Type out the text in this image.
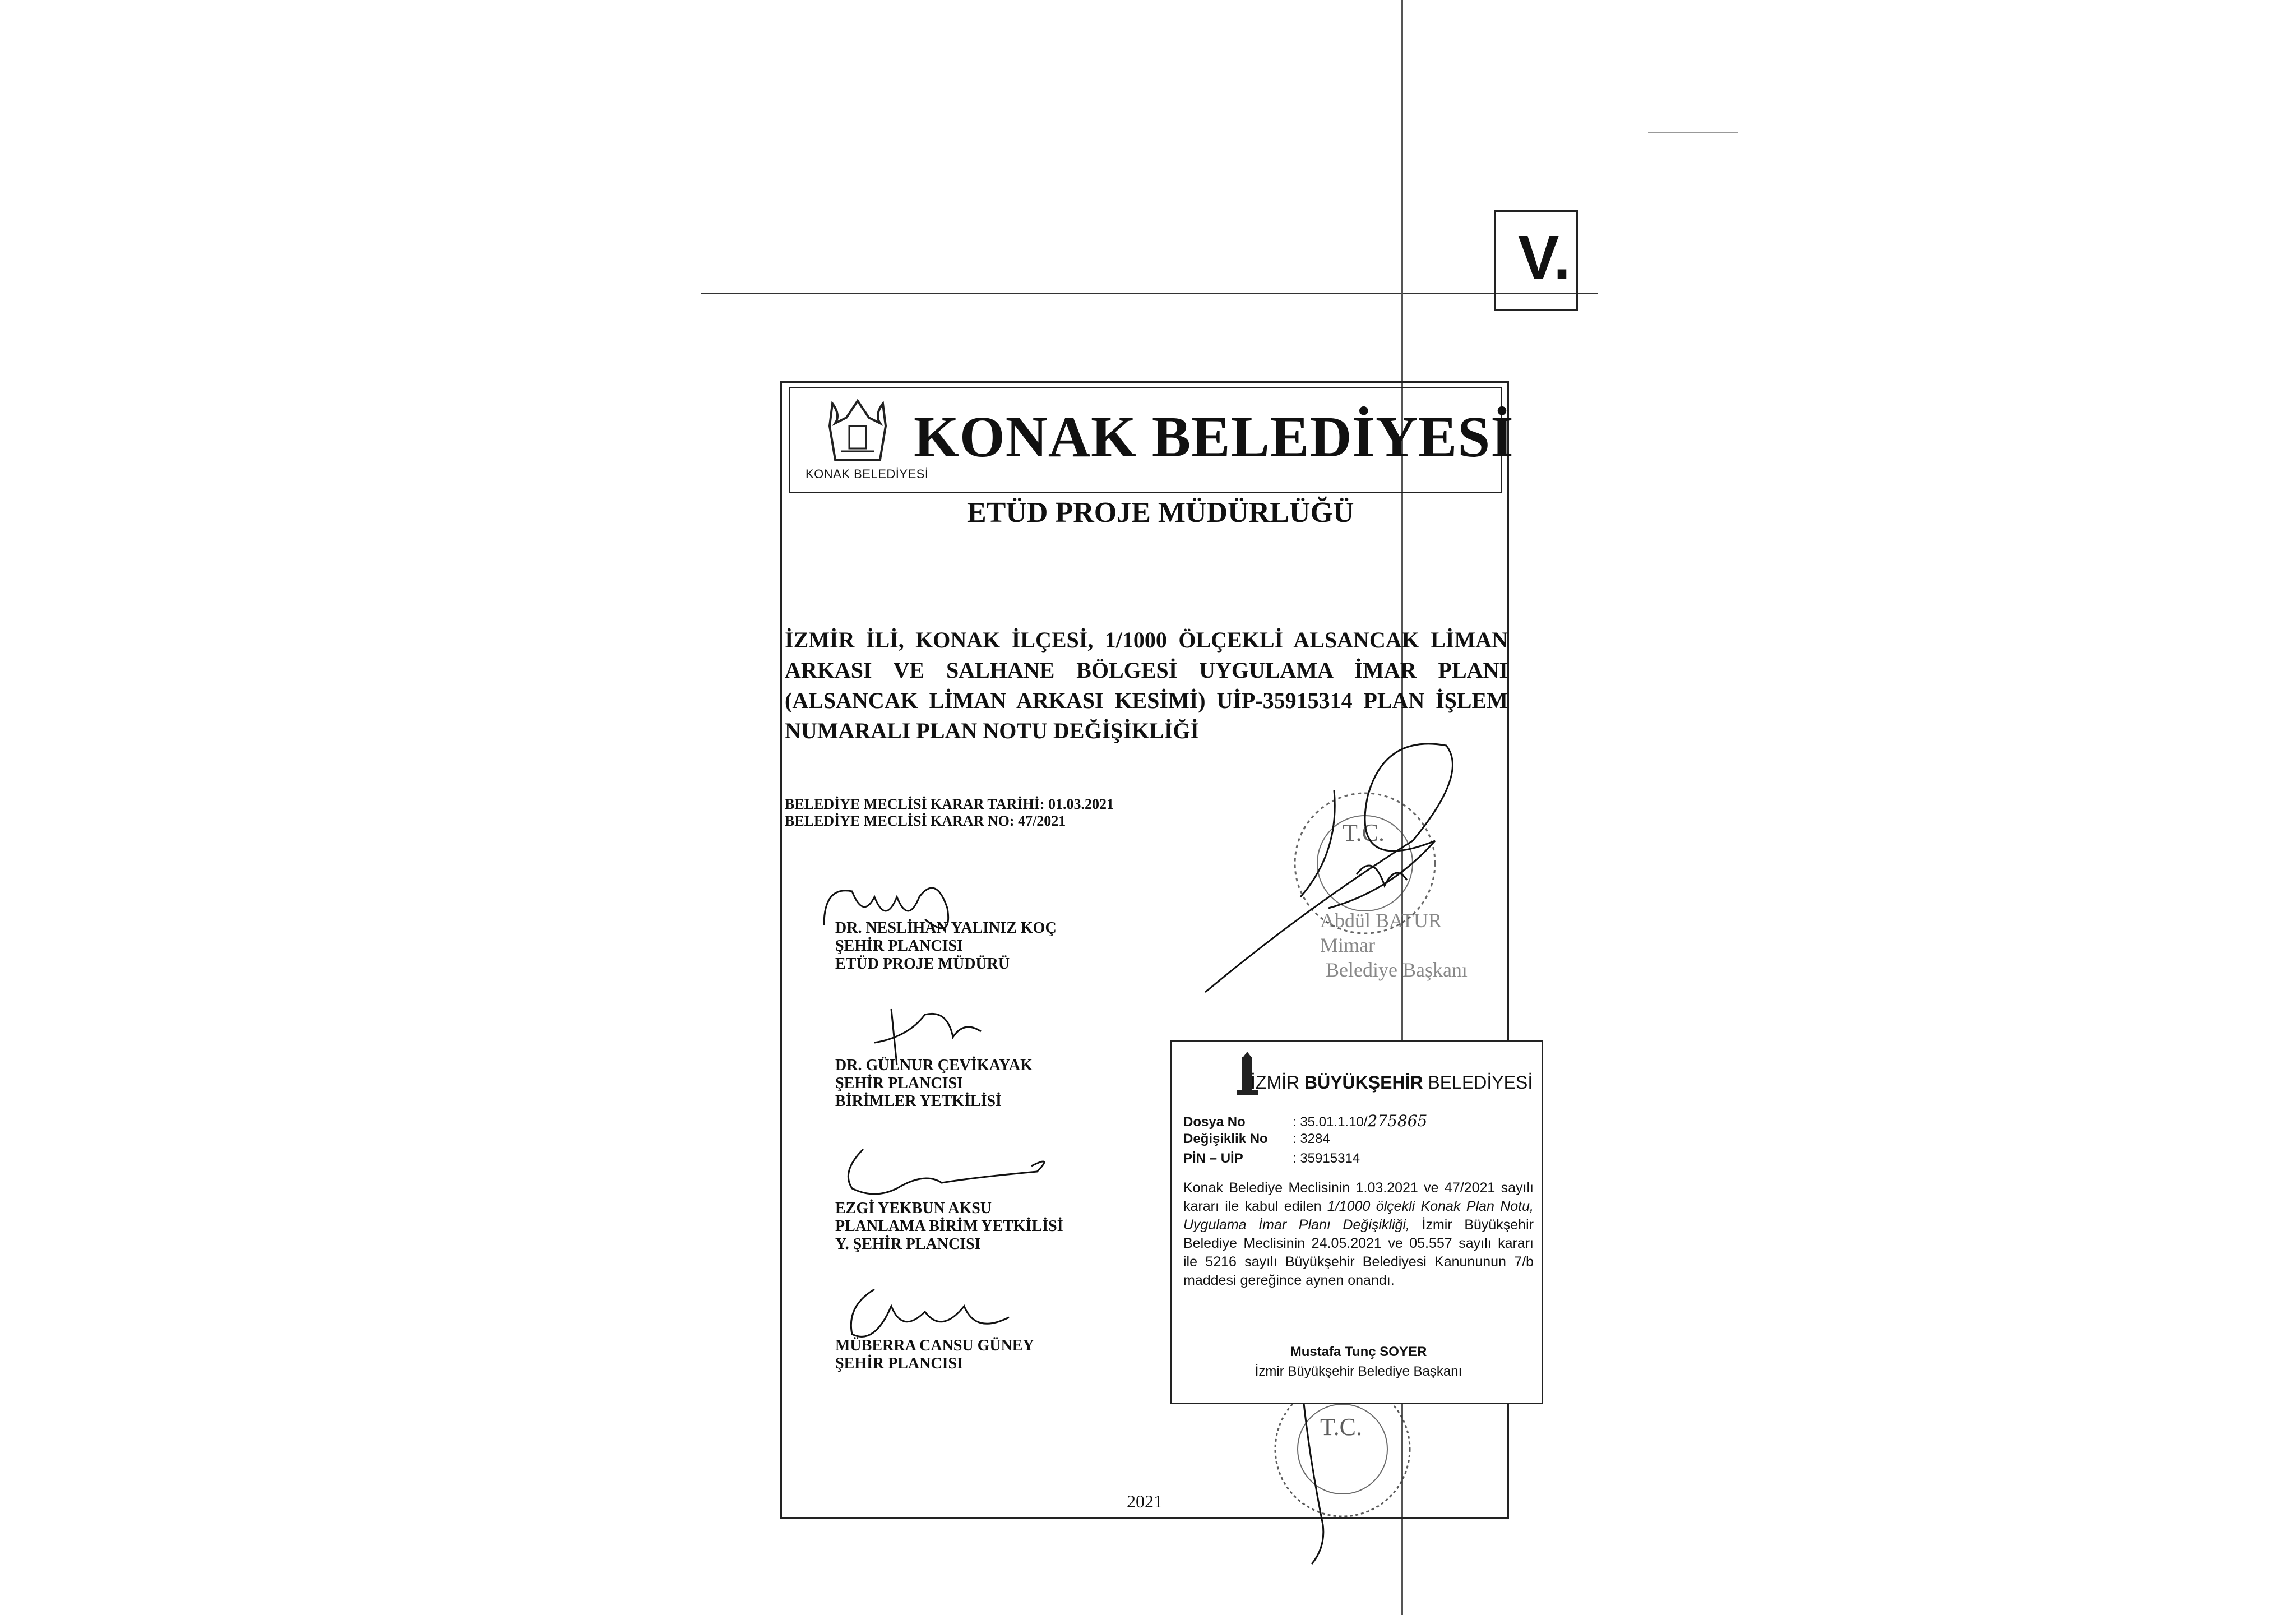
V.
KONAK BELEDİYESİ
KONAK BELEDİYESİ
ETÜD PROJE MÜDÜRLÜĞÜ
İZMİR İLİ, KONAK İLÇESİ, 1/1000 ÖLÇEKLİ ALSANCAK LİMAN ARKASI VE SALHANE BÖLGESİ UYGULAMA İMAR PLANI (ALSANCAK LİMAN ARKASI KESİMİ) UİP-35915314 PLAN İŞLEM NUMARALI PLAN NOTU DEĞİŞİKLİĞİ
BELEDİYE MECLİSİ KARAR TARİHİ: 01.03.2021
BELEDİYE MECLİSİ KARAR NO: 47/2021
DR. NESLİHAN YALINIZ KOÇ
ŞEHİR PLANCISI
ETÜD PROJE MÜDÜRÜ
DR. GÜLNUR ÇEVİKAYAK
ŞEHİR PLANCISI
BİRİMLER YETKİLİSİ
EZGİ YEKBUN AKSU
PLANLAMA BİRİM YETKİLİSİ
Y. ŞEHİR PLANCISI
MÜBERRA CANSU GÜNEY
ŞEHİR PLANCISI
Abdül BATUR
Mimar
Belediye Başkanı
T.C.
T.C.
İZMİR BÜYÜKŞEHİR BELEDİYESİ
Dosya No	: 35.01.1.10/275865
Değişiklik No : 3284
PİN – UİP	: 35915314
Konak Belediye Meclisinin 1.03.2021 ve 47/2021 sayılı kararı ile kabul edilen 1/1000 ölçekli Konak Plan Notu, Uygulama İmar Planı Değişikliği, İzmir Büyükşehir Belediye Meclisinin 24.05.2021 ve 05.557 sayılı kararı ile 5216 sayılı Büyükşehir Belediyesi Kanununun 7/b maddesi gereğince aynen onandı.
Mustafa Tunç SOYER
İzmir Büyükşehir Belediye Başkanı
2021
